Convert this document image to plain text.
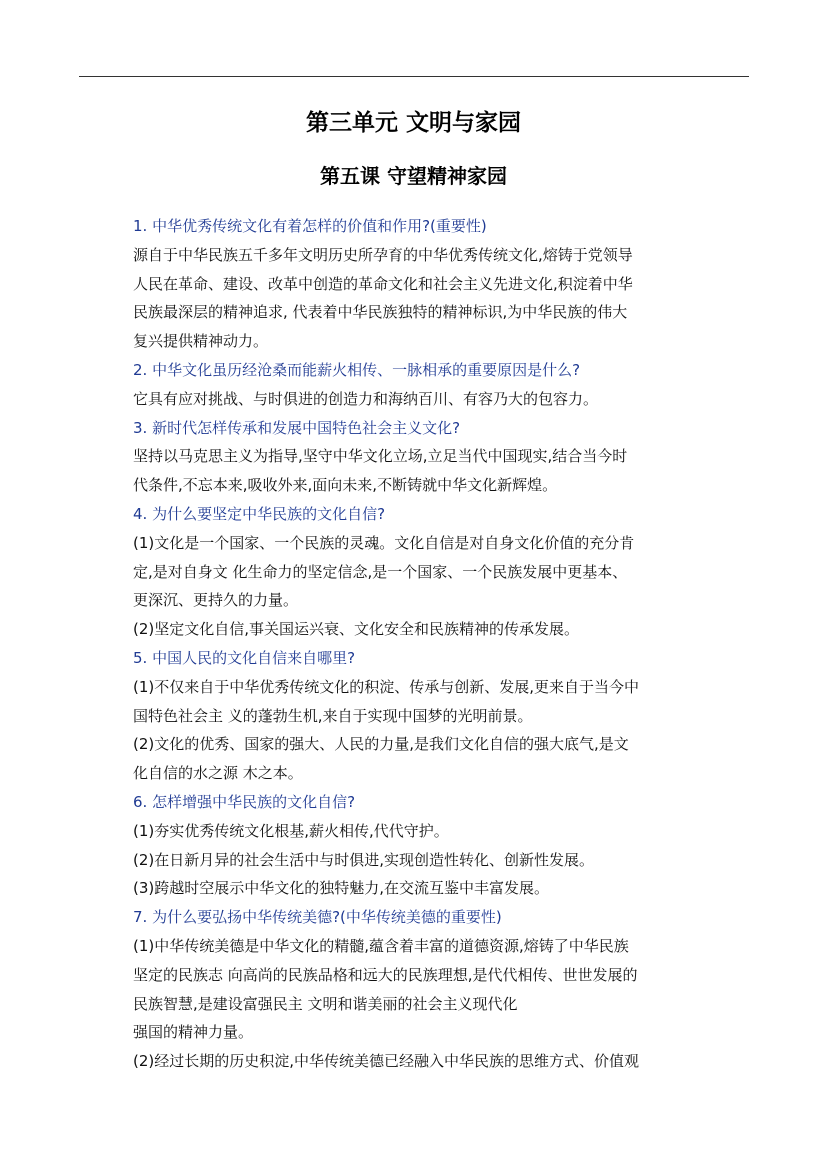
第三单元 文明与家园
第五课 守望精神家园
1. 中华优秀传统文化有着怎样的价值和作用?(重要性)
源自于中华民族五千多年文明历史所孕育的中华优秀传统文化,熔铸于党领导
人民在革命、建设、改革中创造的革命文化和社会主义先进文化,积淀着中华
民族最深层的精神追求, 代表着中华民族独特的精神标识,为中华民族的伟大
复兴提供精神动力。
2. 中华文化虽历经沧桑而能薪火相传、一脉相承的重要原因是什么?
它具有应对挑战、与时俱进的创造力和海纳百川、有容乃大的包容力。
3. 新时代怎样传承和发展中国特色社会主义文化?
坚持以马克思主义为指导,坚守中华文化立场,立足当代中国现实,结合当今时
代条件,不忘本来,吸收外来,面向未来,不断铸就中华文化新辉煌。
4. 为什么要坚定中华民族的文化自信?
(1)文化是一个国家、一个民族的灵魂。文化自信是对自身文化价值的充分肯
定,是对自身文 化生命力的坚定信念,是一个国家、一个民族发展中更基本、
更深沉、更持久的力量。
(2)坚定文化自信,事关国运兴衰、文化安全和民族精神的传承发展。
5. 中国人民的文化自信来自哪里?
(1)不仅来自于中华优秀传统文化的积淀、传承与创新、发展,更来自于当今中
国特色社会主 义的蓬勃生机,来自于实现中国梦的光明前景。
(2)文化的优秀、国家的强大、人民的力量,是我们文化自信的强大底气,是文
化自信的水之源 木之本。
6. 怎样增强中华民族的文化自信?
(1)夯实优秀传统文化根基,薪火相传,代代守护。
(2)在日新月异的社会生活中与时俱进,实现创造性转化、创新性发展。
(3)跨越时空展示中华文化的独特魅力,在交流互鉴中丰富发展。
7. 为什么要弘扬中华传统美德?(中华传统美德的重要性)
(1)中华传统美德是中华文化的精髓,蕴含着丰富的道德资源,熔铸了中华民族
坚定的民族志 向高尚的民族品格和远大的民族理想,是代代相传、世世发展的
民族智慧,是建设富强民主 文明和谐美丽的社会主义现代化
强国的精神力量。
(2)经过长期的历史积淀,中华传统美德已经融入中华民族的思维方式、价值观
